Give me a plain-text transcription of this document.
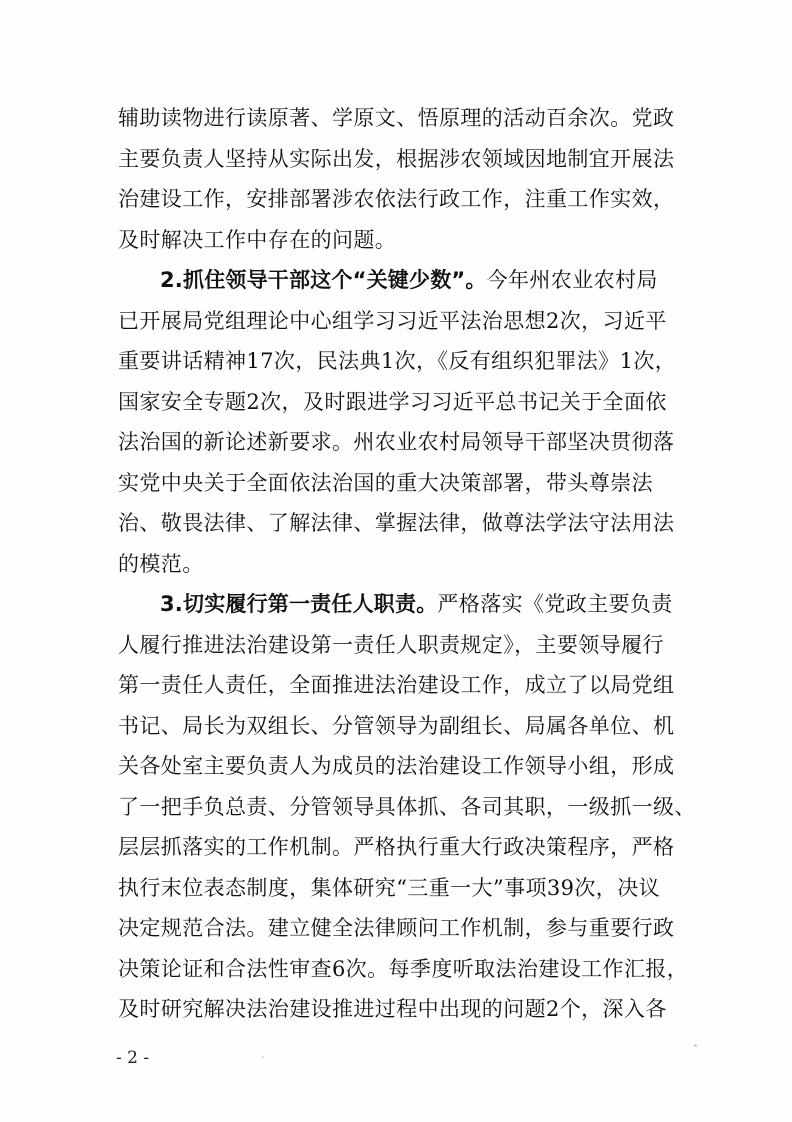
辅助读物进行读原著、学原文、悟原理的活动百余次。党政
主要负责人坚持从实际出发，根据涉农领域因地制宜开展法
治建设工作，安排部署涉农依法行政工作，注重工作实效，
及时解决工作中存在的问题。
2.抓住领导干部这个“关键少数”。今年州农业农村局
已开展局党组理论中心组学习习近平法治思想2次，习近平
重要讲话精神17次，民法典1次，《反有组织犯罪法》1次，
国家安全专题2次，及时跟进学习习近平总书记关于全面依
法治国的新论述新要求。州农业农村局领导干部坚决贯彻落
实党中央关于全面依法治国的重大决策部署，带头尊崇法
治、敬畏法律、了解法律、掌握法律，做尊法学法守法用法
的模范。
3.切实履行第一责任人职责。严格落实《党政主要负责
人履行推进法治建设第一责任人职责规定》，主要领导履行
第一责任人责任，全面推进法治建设工作，成立了以局党组
书记、局长为双组长、分管领导为副组长、局属各单位、机
关各处室主要负责人为成员的法治建设工作领导小组，形成
了一把手负总责、分管领导具体抓、各司其职，一级抓一级、
层层抓落实的工作机制。严格执行重大行政决策程序，严格
执行末位表态制度，集体研究“三重一大”事项39次，决议
决定规范合法。建立健全法律顾问工作机制，参与重要行政
决策论证和合法性审查6次。每季度听取法治建设工作汇报，
及时研究解决法治建设推进过程中出现的问题2个，深入各
- 2 -
